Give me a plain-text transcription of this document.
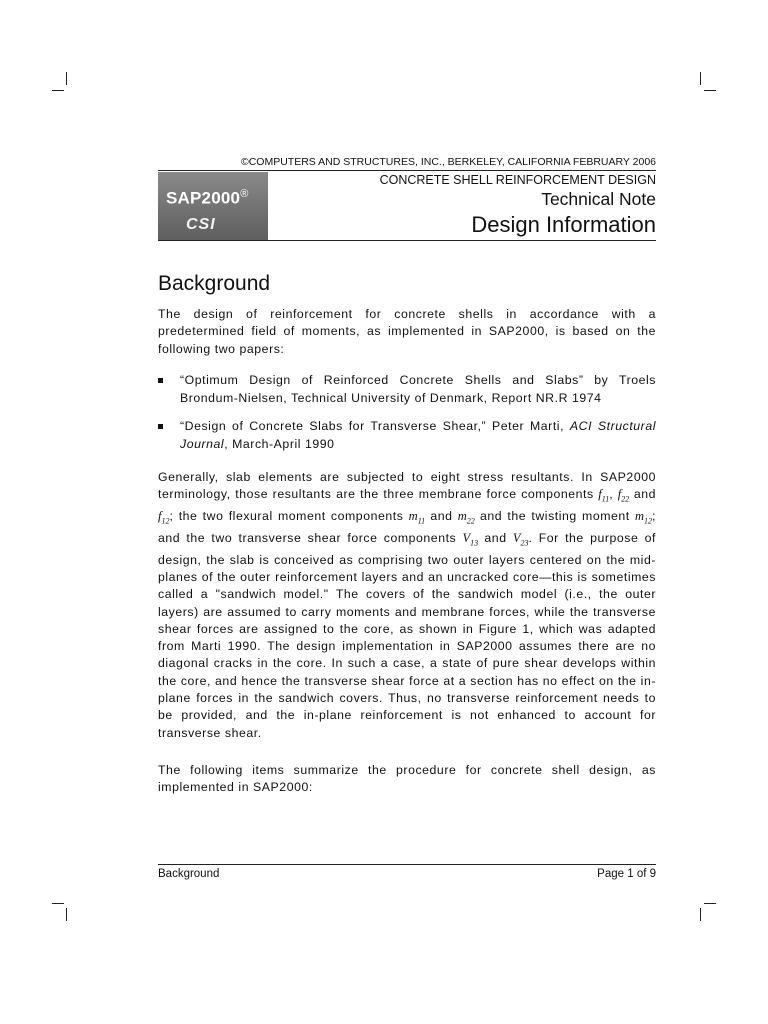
©COMPUTERS AND STRUCTURES, INC., BERKELEY, CALIFORNIA FEBRUARY 2006
SAP2000®
CSI
CONCRETE SHELL REINFORCEMENT DESIGN
Technical Note
Design Information
Background
The design of reinforcement for concrete shells in accordance with a predetermined field of moments, as implemented in SAP2000, is based on the following two papers:
“Optimum Design of Reinforced Concrete Shells and Slabs” by Troels Brondum-Nielsen, Technical University of Denmark, Report NR.R 1974
“Design of Concrete Slabs for Transverse Shear,” Peter Marti, ACI Structural Journal, March-April 1990
Generally, slab elements are subjected to eight stress resultants. In SAP2000 terminology, those resultants are the three membrane force components $f_{11}$, $f_{22}$ and $f_{12}$; the two flexural moment components $m_{11}$ and $m_{22}$ and the twisting moment $m_{12}$; and the two transverse shear force components $V_{13}$ and $V_{23}$. For the purpose of design, the slab is conceived as comprising two outer layers centered on the mid-planes of the outer reinforcement layers and an uncracked core—this is sometimes called a "sandwich model." The covers of the sandwich model (i.e., the outer layers) are assumed to carry moments and membrane forces, while the transverse shear forces are assigned to the core, as shown in Figure 1, which was adapted from Marti 1990. The design implementation in SAP2000 assumes there are no diagonal cracks in the core. In such a case, a state of pure shear develops within the core, and hence the transverse shear force at a section has no effect on the in-plane forces in the sandwich covers. Thus, no transverse reinforcement needs to be provided, and the in-plane reinforcement is not enhanced to account for transverse shear.
The following items summarize the procedure for concrete shell design, as implemented in SAP2000:
Background	Page 1 of 9
